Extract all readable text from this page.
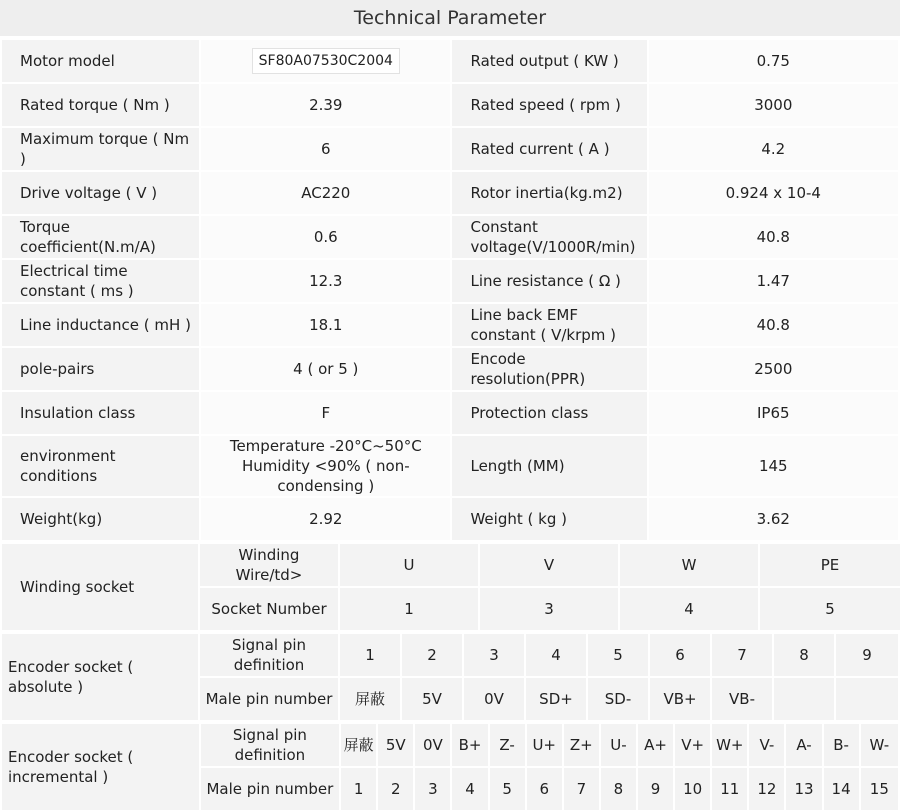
Technical Parameter
Motor model	SF80A07530C2004	Rated output ( KW )	0.75
Rated torque ( Nm )	2.39	Rated speed ( rpm )	3000
Maximum torque ( Nm )	6	Rated current ( A )	4.2
Drive voltage ( V )	AC220	Rotor inertia(kg.m2)	0.924 x 10-4
Torque coefficient(N.m/A)	0.6	Constant voltage(V/1000R/min)	40.8
Electrical time constant ( ms )	12.3	Line resistance ( Ω )	1.47
Line inductance ( mH )	18.1	Line back EMF constant ( V/krpm )	40.8
pole-pairs	4 ( or 5 )	Encode resolution(PPR)	2500
Insulation class	F	Protection class	IP65
environment conditions	Temperature -20°C~50°C Humidity <90% ( non-condensing )	Length (MM)	145
Weight(kg)	2.92	Weight ( kg )	3.62
Winding socket	Winding Wire/td>	U	V	W	PE
	Socket Number	1	3	4	5
Encoder socket ( absolute )	Signal pin definition	1	2	3	4	5	6	7	8	9
	Male pin number	屏蔽	5V	0V	SD+	SD-	VB+	VB-		
Encoder socket ( incremental )	Signal pin definition	屏蔽	5V	0V	B+	Z-	U+	Z+	U-	A+	V+	W+	V-	A-	B-	W-
	Male pin number	1	2	3	4	5	6	7	8	9	10	11	12	13	14	15
